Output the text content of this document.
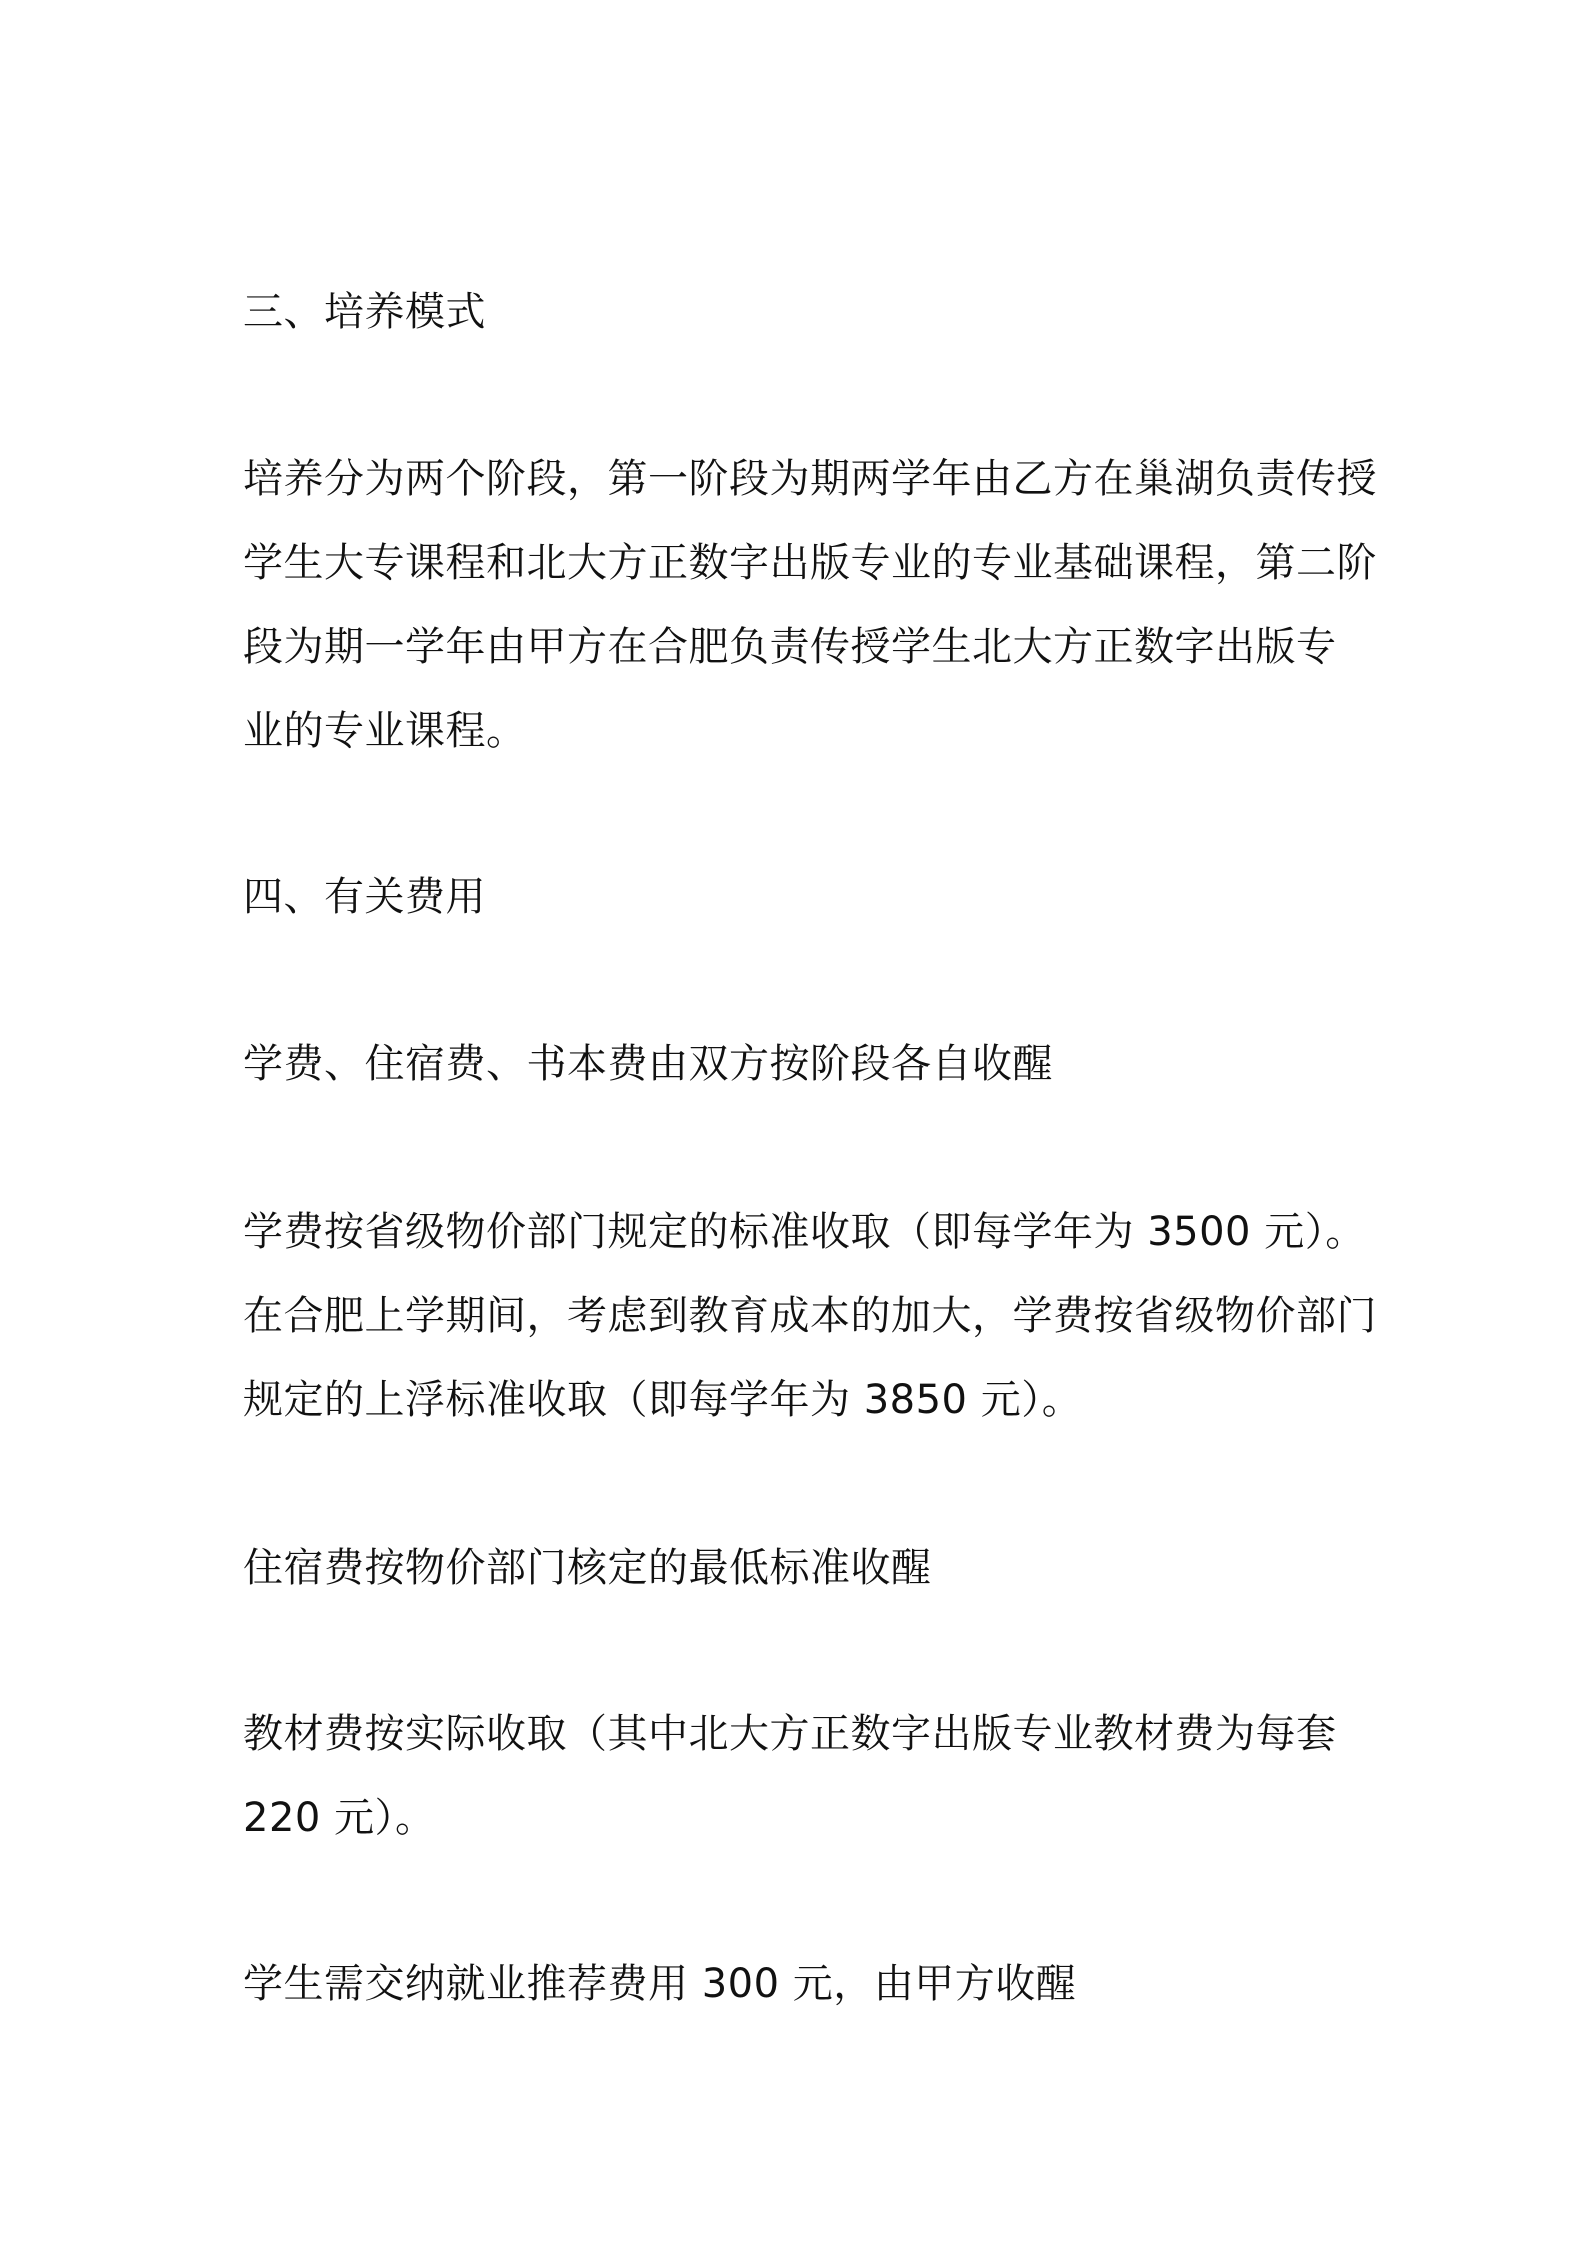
三、培养模式
培养分为两个阶段，第一阶段为期两学年由乙方在巢湖负责传授
学生大专课程和北大方正数字出版专业的专业基础课程，第二阶
段为期一学年由甲方在合肥负责传授学生北大方正数字出版专
业的专业课程。
四、有关费用
学费、住宿费、书本费由双方按阶段各自收醒
学费按省级物价部门规定的标准收取（即每学年为 3500 元）。
在合肥上学期间，考虑到教育成本的加大，学费按省级物价部门
规定的上浮标准收取（即每学年为 3850 元）。
住宿费按物价部门核定的最低标准收醒
教材费按实际收取（其中北大方正数字出版专业教材费为每套
220 元）。
学生需交纳就业推荐费用 300 元，由甲方收醒
